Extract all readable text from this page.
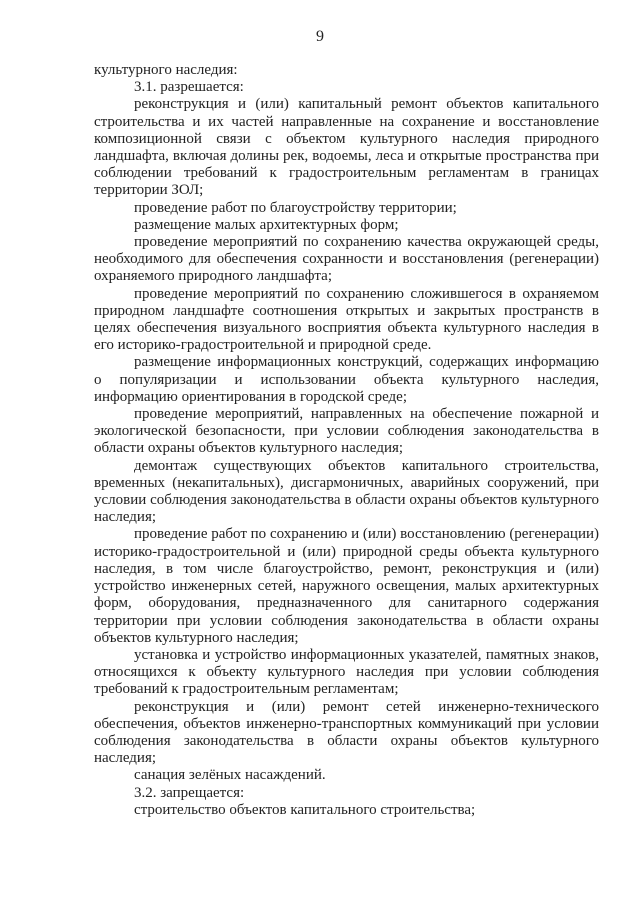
9

культурного наследия:

3.1. разрешается:

реконструкция и (или) капитальный ремонт объектов капитального строительства и их частей направленные на сохранение и восстановление композиционной связи с объектом культурного наследия природного ландшафта, включая долины рек, водоемы, леса и открытые пространства при соблюдении требований к градостроительным регламентам в границах территории ЗОЛ;

проведение работ по благоустройству территории;

размещение малых архитектурных форм;

проведение мероприятий по сохранению качества окружающей среды, необходимого для обеспечения сохранности и восстановления (регенерации) охраняемого природного ландшафта;

проведение мероприятий по сохранению сложившегося в охраняемом природном ландшафте соотношения открытых и закрытых пространств в целях обеспечения визуального восприятия объекта культурного наследия в его историко-градостроительной и природной среде.

размещение информационных конструкций, содержащих информацию о популяризации и использовании объекта культурного наследия, информацию ориентирования в городской среде;

проведение мероприятий, направленных на обеспечение пожарной и экологической безопасности, при условии соблюдения законодательства в области охраны объектов культурного наследия;

демонтаж существующих объектов капитального строительства, временных (некапитальных), дисгармоничных, аварийных сооружений, при условии соблюдения законодательства в области охраны объектов культурного наследия;

проведение работ по сохранению и (или) восстановлению (регенерации) историко-градостроительной и (или) природной среды объекта культурного наследия, в том числе благоустройство, ремонт, реконструкция и (или) устройство инженерных сетей, наружного освещения, малых архитектурных форм, оборудования, предназначенного для санитарного содержания территории при условии соблюдения законодательства в области охраны объектов культурного наследия;

установка и устройство информационных указателей, памятных знаков, относящихся к объекту культурного наследия при условии соблюдения требований к градостроительным регламентам;

реконструкция и (или) ремонт сетей инженерно-технического обеспечения, объектов инженерно-транспортных коммуникаций при условии соблюдения законодательства в области охраны объектов культурного наследия;

санация зелёных насаждений.

3.2. запрещается:

строительство объектов капитального строительства;
